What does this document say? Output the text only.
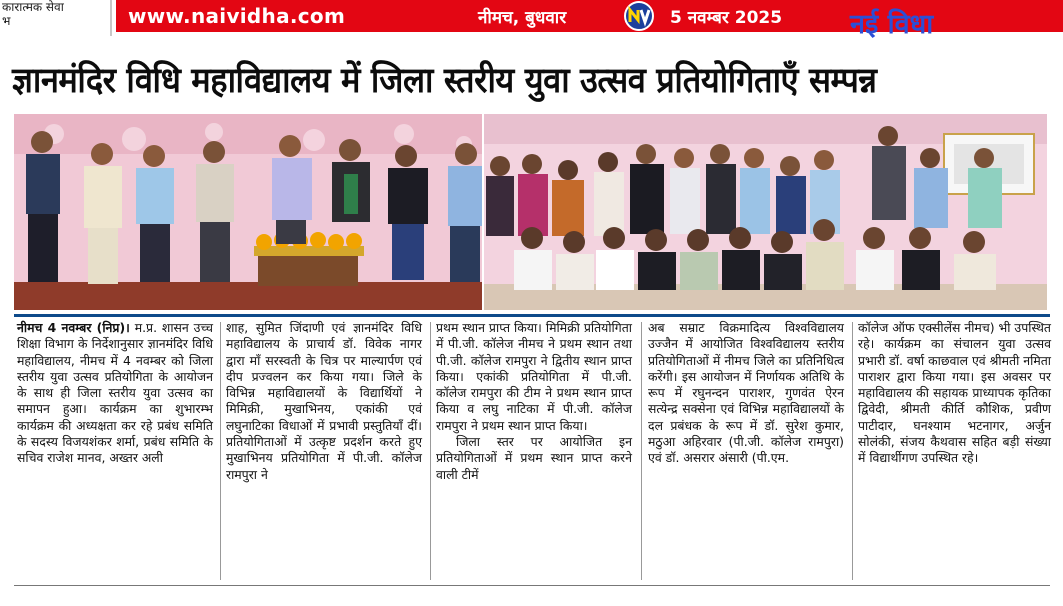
कारात्मक सेवा
भ	www.naividha.com	नीमच, बुधवार	5 नवम्बर 2025	नई विधा
ज्ञानमंदिर विधि महाविद्यालय में जिला स्तरीय युवा उत्सव प्रतियोगिताएँ सम्पन्न

नीमच 4 नवम्बर (निप्र)। म.प्र. शासन उच्च शिक्षा विभाग के निर्देशानुसार ज्ञानमंदिर विधि महाविद्यालय, नीमच में 4 नवम्बर को जिला स्तरीय युवा उत्सव प्रतियोगिता के आयोजन के साथ ही जिला स्तरीय युवा उत्सव का समापन हुआ। कार्यक्रम का शुभारम्भ कार्यक्रम की अध्यक्षता कर रहे प्रबंध समिति के सदस्य विजयशंकर शर्मा, प्रबंध समिति के सचिव राजेश मानव, अख्तर अली

शाह, सुमित जिंदाणी एवं ज्ञानमंदिर विधि महाविद्यालय के प्राचार्य डॉ. विवेक नागर द्वारा माँ सरस्वती के चित्र पर माल्यार्पण एवं दीप प्रज्वलन कर किया गया। जिले के विभिन्न महाविद्यालयों के विद्यार्थियों ने मिमिक्री, मुखाभिनय, एकांकी एवं लघुनाटिका विधाओं में प्रभावी प्रस्तुतियाँ दीं। प्रतियोगिताओं में उत्कृष्ट प्रदर्शन करते हुए मुखाभिनय प्रतियोगिता में पी.जी. कॉलेज रामपुरा ने

प्रथम स्थान प्राप्त किया। मिमिक्री प्रतियोगिता में पी.जी. कॉलेज नीमच ने प्रथम स्थान तथा पी.जी. कॉलेज रामपुरा ने द्वितीय स्थान प्राप्त किया। एकांकी प्रतियोगिता में पी.जी. कॉलेज रामपुरा की टीम ने प्रथम स्थान प्राप्त किया व लघु नाटिका में पी.जी. कॉलेज रामपुरा ने प्रथम स्थान प्राप्त किया।

जिला स्तर पर आयोजित इन प्रतियोगिताओं में प्रथम स्थान प्राप्त करने वाली टीमें

अब सम्राट विक्रमादित्य विश्वविद्यालय उज्जैन में आयोजित विश्वविद्यालय स्तरीय प्रतियोगिताओं में नीमच जिले का प्रतिनिधित्व करेंगी। इस आयोजन में निर्णायक अतिथि के रूप में रघुनन्दन पाराशर, गुणवंत ऐरन सत्येन्द्र सक्सेना एवं विभिन्न महाविद्यालयों के दल प्रबंधक के रूप में डॉ. सुरेश कुमार, मठुआ अहिरवार (पी.जी. कॉलेज रामपुरा) एवं डॉ. असरार अंसारी (पी.एम.

कॉलेज ऑफ एक्सीलेंस नीमच) भी उपस्थित रहे। कार्यक्रम का संचालन युवा उत्सव प्रभारी डॉ. वर्षा काछवाल एवं श्रीमती नमिता पाराशर द्वारा किया गया। इस अवसर पर महाविद्यालय की सहायक प्राध्यापक कृतिका द्विवेदी, श्रीमती कीर्ति कौशिक, प्रवीण पाटीदार, घनश्याम भटनागर, अर्जुन सोलंकी, संजय कैथवास सहित बड़ी संख्या में विद्यार्थीगण उपस्थित रहे।
